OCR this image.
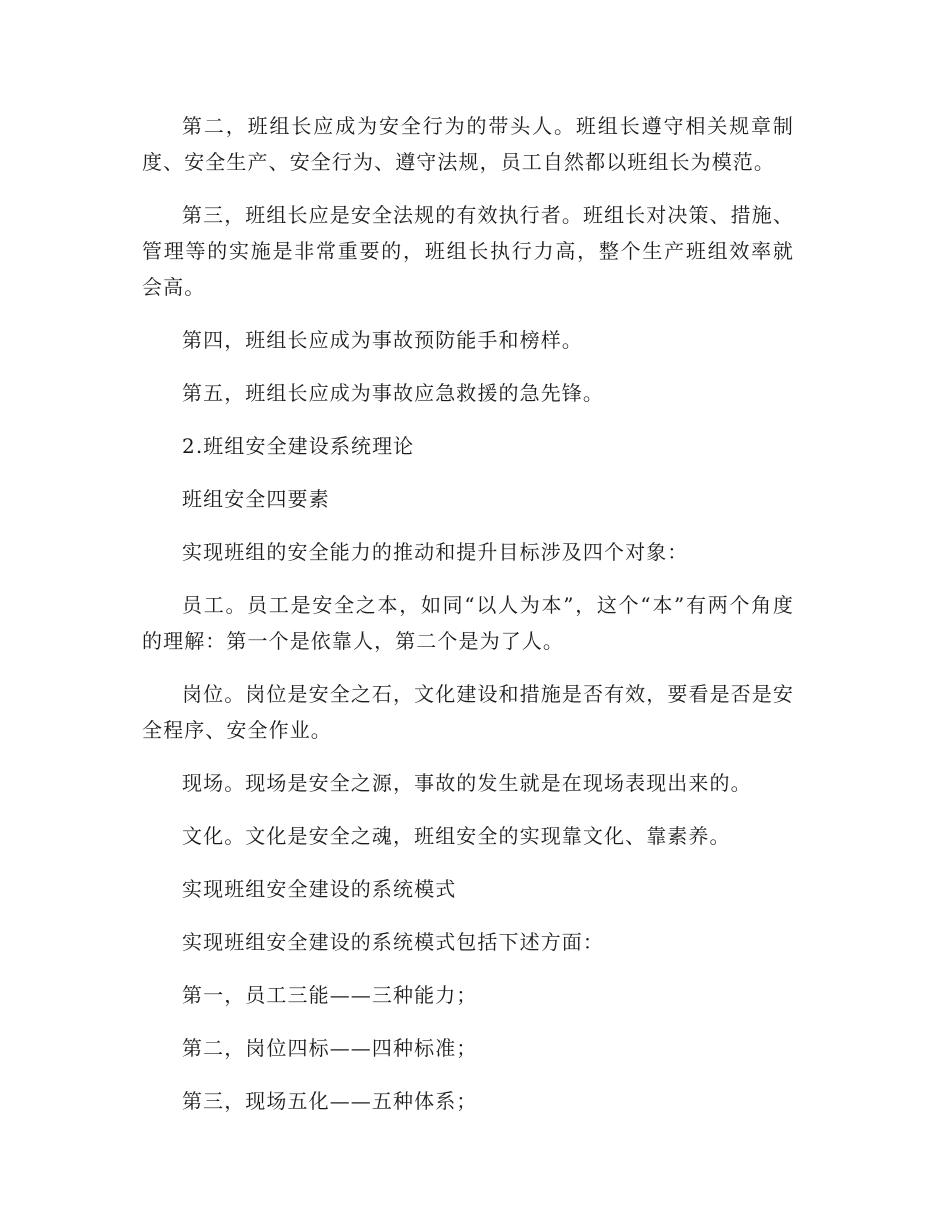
第二，班组长应成为安全行为的带头人。班组长遵守相关规章制度、安全生产、安全行为、遵守法规，员工自然都以班组长为模范。

第三，班组长应是安全法规的有效执行者。班组长对决策、措施、管理等的实施是非常重要的，班组长执行力高，整个生产班组效率就会高。

第四，班组长应成为事故预防能手和榜样。

第五，班组长应成为事故应急救援的急先锋。

2.班组安全建设系统理论

班组安全四要素

实现班组的安全能力的推动和提升目标涉及四个对象：

员工。员工是安全之本，如同“以人为本”，这个“本”有两个角度的理解：第一个是依靠人，第二个是为了人。

岗位。岗位是安全之石，文化建设和措施是否有效，要看是否是安全程序、安全作业。

现场。现场是安全之源，事故的发生就是在现场表现出来的。

文化。文化是安全之魂，班组安全的实现靠文化、靠素养。

实现班组安全建设的系统模式

实现班组安全建设的系统模式包括下述方面：

第一，员工三能——三种能力；

第二，岗位四标——四种标准；

第三，现场五化——五种体系；
